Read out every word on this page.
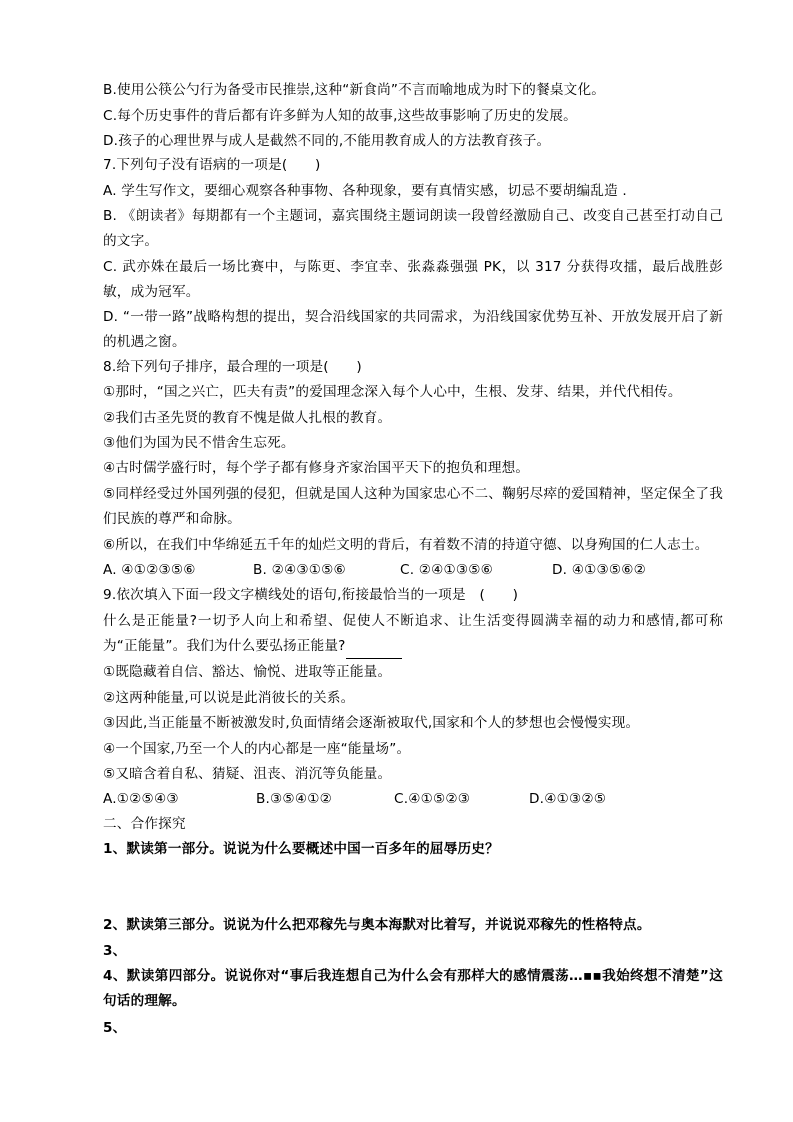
B.使用公筷公勺行为备受市民推崇,这种“新食尚”不言而喻地成为时下的餐桌文化。
C.每个历史事件的背后都有许多鲜为人知的故事,这些故事影响了历史的发展。
D.孩子的心理世界与成人是截然不同的,不能用教育成人的方法教育孩子。
7.下列句子没有语病的一项是(　　)
A. 学生写作文，要细心观察各种事物、各种现象，要有真情实感，切忌不要胡编乱造 .
B. 《朗读者》每期都有一个主题词，嘉宾围绕主题词朗读一段曾经激励自己、改变自己甚至打动自己的文字。
C. 武亦姝在最后一场比赛中，与陈更、李宜幸、张淼淼强强 PK，以 317 分获得攻擂，最后战胜彭敏，成为冠军。
D. “一带一路”战略构想的提出，契合沿线国家的共同需求，为沿线国家优势互补、开放发展开启了新的机遇之窗。
8.给下列句子排序，最合理的一项是(　　)
①那时，“国之兴亡，匹夫有责”的爱国理念深入每个人心中，生根、发芽、结果，并代代相传。
②我们古圣先贤的教育不愧是做人扎根的教育。
③他们为国为民不惜舍生忘死。
④古时儒学盛行时，每个学子都有修身齐家治国平天下的抱负和理想。
⑤同样经受过外国列强的侵犯，但就是国人这种为国家忠心不二、鞠躬尽瘁的爱国精神，坚定保全了我们民族的尊严和命脉。
⑥所以，在我们中华绵延五千年的灿烂文明的背后，有着数不清的持道守德、以身殉国的仁人志士。
A. ④①②③⑤⑥	B. ②④③①⑤⑥	C. ②④①③⑤⑥	D. ④①③⑤⑥②
9.依次填入下面一段文字横线处的语句,衔接最恰当的一项是　(　　)
什么是正能量?一切予人向上和希望、促使人不断追求、让生活变得圆满幸福的动力和感情,都可称为“正能量”。我们为什么要弘扬正能量?
①既隐藏着自信、豁达、愉悦、进取等正能量。
②这两种能量,可以说是此消彼长的关系。
③因此,当正能量不断被激发时,负面情绪会逐渐被取代,国家和个人的梦想也会慢慢实现。
④一个国家,乃至一个人的内心都是一座“能量场”。
⑤又暗含着自私、猜疑、沮丧、消沉等负能量。
A.①②⑤④③	B.③⑤④①②	C.④①⑤②③	D.④①③②⑤
二、合作探究
1、默读第一部分。说说为什么要概述中国一百多年的屈辱历史？
2、默读第三部分。说说为什么把邓稼先与奥本海默对比着写，并说说邓稼先的性格特点。
3、
4、默读第四部分。说说你对“事后我连想自己为什么会有那样大的感情震荡…▪▪我始终想不清楚”这句话的理解。
5、
